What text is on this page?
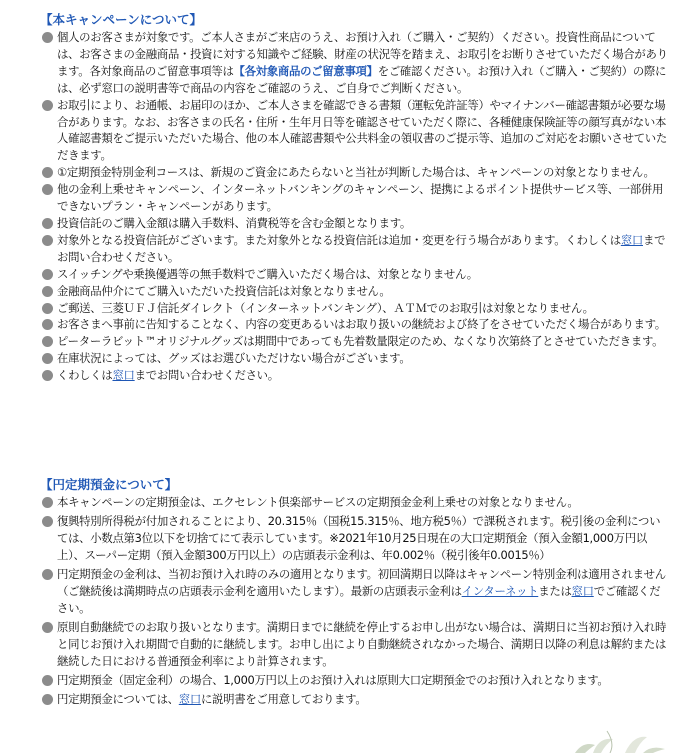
【本キャンペーンについて】
個人のお客さまが対象です。ご本人さまがご来店のうえ、お預け入れ（ご購入・ご契約）ください。投資性商品については、お客さまの金融商品・投資に対する知識やご経験、財産の状況等を踏まえ、お取引をお断りさせていただく場合があります。各対象商品のご留意事項等は【各対象商品のご留意事項】をご確認ください。お預け入れ（ご購入・ご契約）の際には、必ず窓口の説明書等で商品の内容をご確認のうえ、ご自身でご判断ください。
お取引により、お通帳、お届印のほか、ご本人さまを確認できる書類（運転免許証等）やマイナンバー確認書類が必要な場合があります。なお、お客さまの氏名・住所・生年月日等を確認させていただく際に、各種健康保険証等の顔写真がない本人確認書類をご提示いただいた場合、他の本人確認書類や公共料金の領収書のご提示等、追加のご対応をお願いさせていただきます。
①定期預金特別金利コースは、新規のご資金にあたらないと当社が判断した場合は、キャンペーンの対象となりません。
他の金利上乗せキャンペーン、インターネットバンキングのキャンペーン、提携によるポイント提供サービス等、一部併用できないプラン・キャンペーンがあります。
投資信託のご購入金額は購入手数料、消費税等を含む金額となります。
対象外となる投資信託がございます。また対象外となる投資信託は追加・変更を行う場合があります。くわしくは窓口までお問い合わせください。
スイッチングや乗換優遇等の無手数料でご購入いただく場合は、対象となりません。
金融商品仲介にてご購入いただいた投資信託は対象となりません。
ご郵送、三菱ＵＦＪ信託ダイレクト（インターネットバンキング）、ＡＴＭでのお取引は対象となりません。
お客さまへ事前に告知することなく、内容の変更あるいはお取り扱いの継続および終了をさせていただく場合があります。
ピーターラビット™オリジナルグッズは期間中であっても先着数量限定のため、なくなり次第終了とさせていただきます。
在庫状況によっては、グッズはお選びいただけない場合がございます。
くわしくは窓口までお問い合わせください。
【円定期預金について】
本キャンペーンの定期預金は、エクセレント倶楽部サービスの定期預金金利上乗せの対象となりません。
復興特別所得税が付加されることにより、20.315％（国税15.315％、地方税5％）で課税されます。税引後の金利については、小数点第3位以下を切捨てにて表示しています。※2021年10月25日現在の大口定期預金（預入金額1,000万円以上）、スーパー定期（預入金額300万円以上）の店頭表示金利は、年0.002％（税引後年0.0015％）
円定期預金の金利は、当初お預け入れ時のみの適用となります。初回満期日以降はキャンペーン特別金利は適用されません（ご継続後は満期時点の店頭表示金利を適用いたします）。最新の店頭表示金利はインターネットまたは窓口でご確認ください。
原則自動継続でのお取り扱いとなります。満期日までに継続を停止するお申し出がない場合は、満期日に当初お預け入れ時と同じお預け入れ期間で自動的に継続します。お申し出により自動継続されなかった場合、満期日以降の利息は解約または継続した日における普通預金利率により計算されます。
円定期預金（固定金利）の場合、1,000万円以上のお預け入れは原則大口定期預金でのお預け入れとなります。
円定期預金については、窓口に説明書をご用意しております。
